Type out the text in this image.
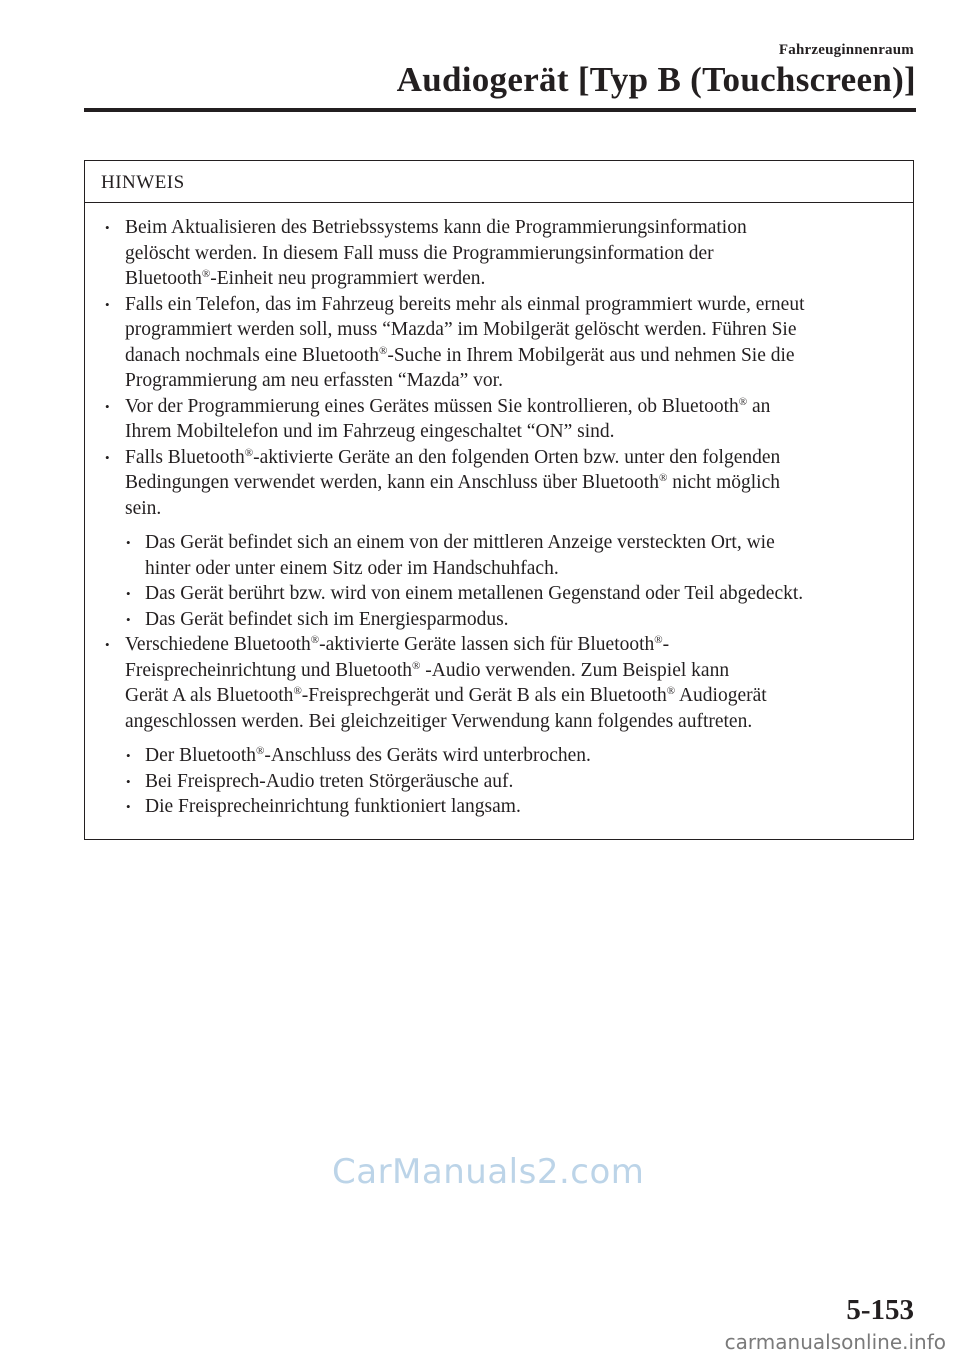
Fahrzeuginnenraum
Audiogerät [Typ B (Touchscreen)]
HINWEIS
• Beim Aktualisieren des Betriebssystems kann die Programmierungsinformation
gelöscht werden. In diesem Fall muss die Programmierungsinformation der
Bluetooth®-Einheit neu programmiert werden.
• Falls ein Telefon, das im Fahrzeug bereits mehr als einmal programmiert wurde, erneut
programmiert werden soll, muss “Mazda” im Mobilgerät gelöscht werden. Führen Sie
danach nochmals eine Bluetooth®-Suche in Ihrem Mobilgerät aus und nehmen Sie die
Programmierung am neu erfassten “Mazda” vor.
• Vor der Programmierung eines Gerätes müssen Sie kontrollieren, ob Bluetooth® an
Ihrem Mobiltelefon und im Fahrzeug eingeschaltet “ON” sind.
• Falls Bluetooth®-aktivierte Geräte an den folgenden Orten bzw. unter den folgenden
Bedingungen verwendet werden, kann ein Anschluss über Bluetooth® nicht möglich
sein.
• Das Gerät befindet sich an einem von der mittleren Anzeige versteckten Ort, wie
hinter oder unter einem Sitz oder im Handschuhfach.
• Das Gerät berührt bzw. wird von einem metallenen Gegenstand oder Teil abgedeckt.
• Das Gerät befindet sich im Energiesparmodus.
• Verschiedene Bluetooth®-aktivierte Geräte lassen sich für Bluetooth®-
Freisprecheinrichtung und Bluetooth® -Audio verwenden. Zum Beispiel kann
Gerät A als Bluetooth®-Freisprechgerät und Gerät B als ein Bluetooth® Audiogerät
angeschlossen werden. Bei gleichzeitiger Verwendung kann folgendes auftreten.
• Der Bluetooth®-Anschluss des Geräts wird unterbrochen.
• Bei Freisprech-Audio treten Störgeräusche auf.
• Die Freisprecheinrichtung funktioniert langsam.
CarManuals2.com
5-153
carmanualsonline.info
